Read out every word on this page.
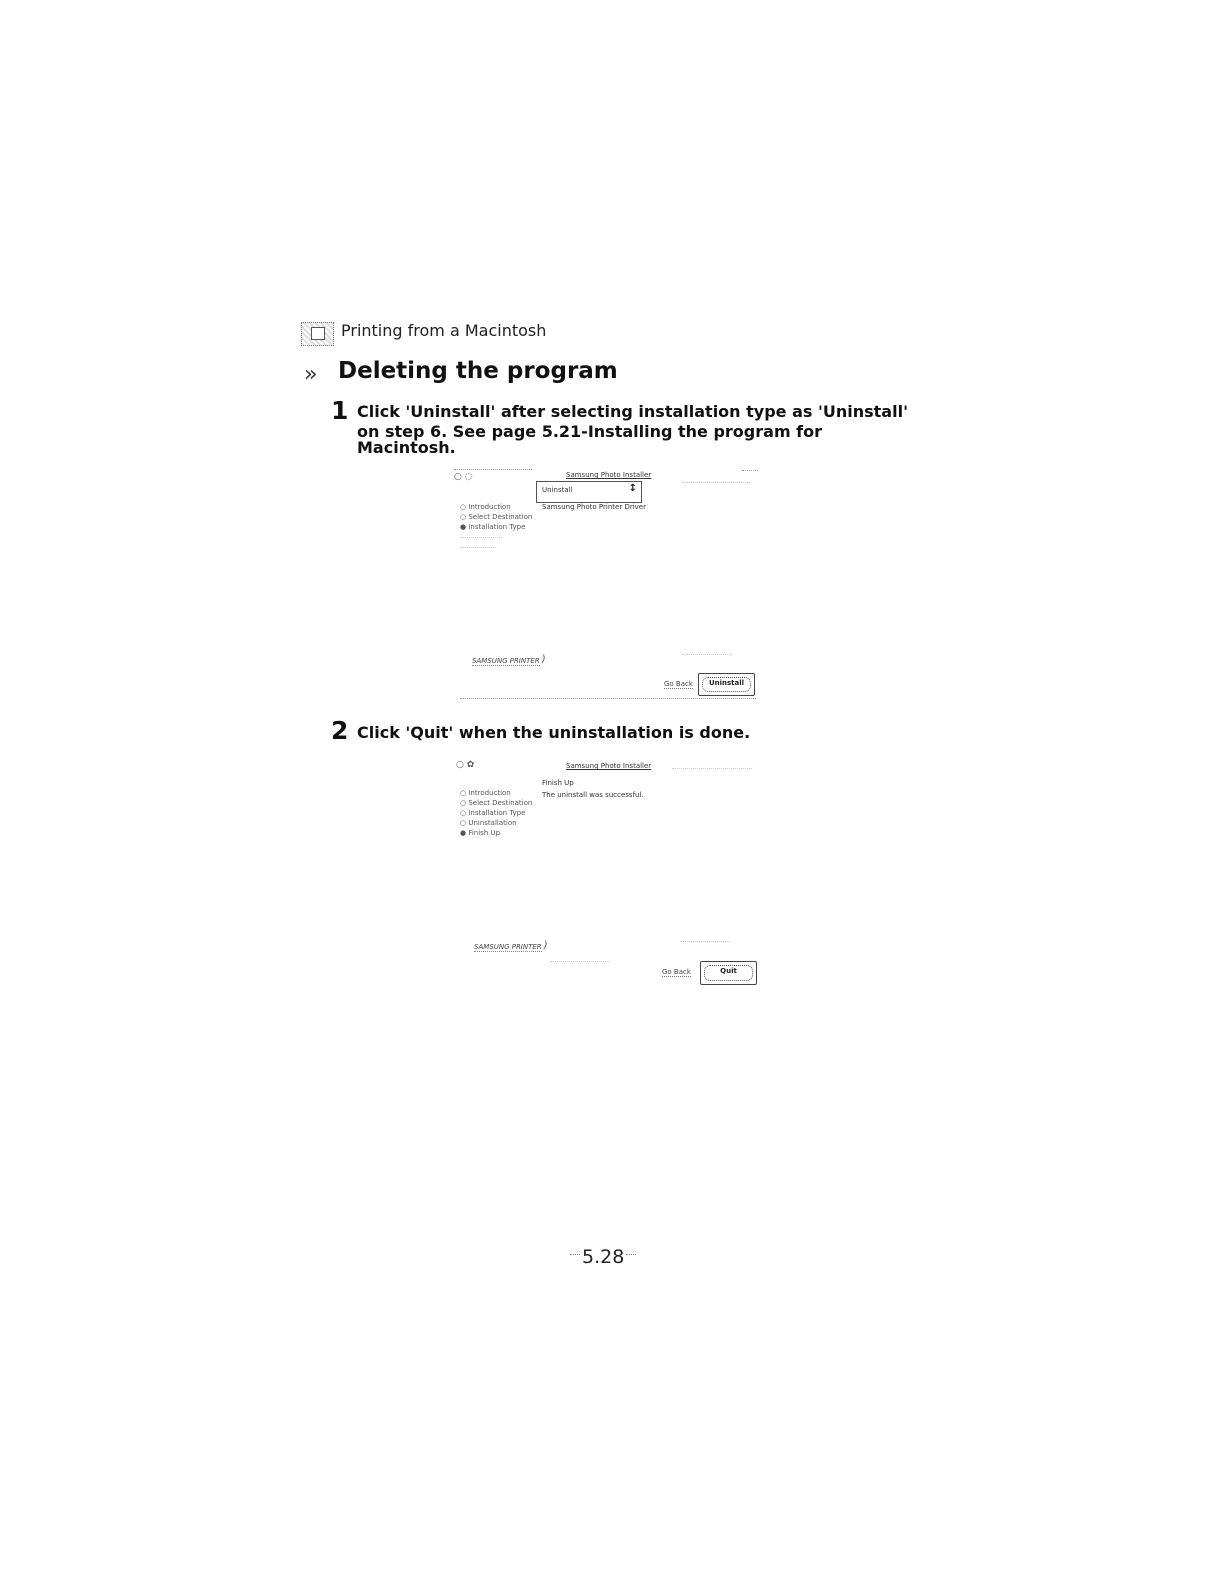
Printing from a Macintosh
›› Deleting the program
1 Click 'Uninstall' after selecting installation type as 'Uninstall'
on step 6. See page 5.21-Installing the program for
Macintosh.
○ ◌	Samsung Photo Installer
Uninstall	↕
Samsung Photo Printer Driver
○ Introduction
○ Select Destination
● Installation Type
SAMSUNG PRINTER )
Go Back	Uninstall
2 Click 'Quit' when the uninstallation is done.
○ ✿	Samsung Photo Installer
Finish Up
The uninstall was successful.
○ Introduction
○ Select Destination
○ Installation Type
○ Uninstallation
● Finish Up
SAMSUNG PRINTER )
Go Back	Quit
5.28
